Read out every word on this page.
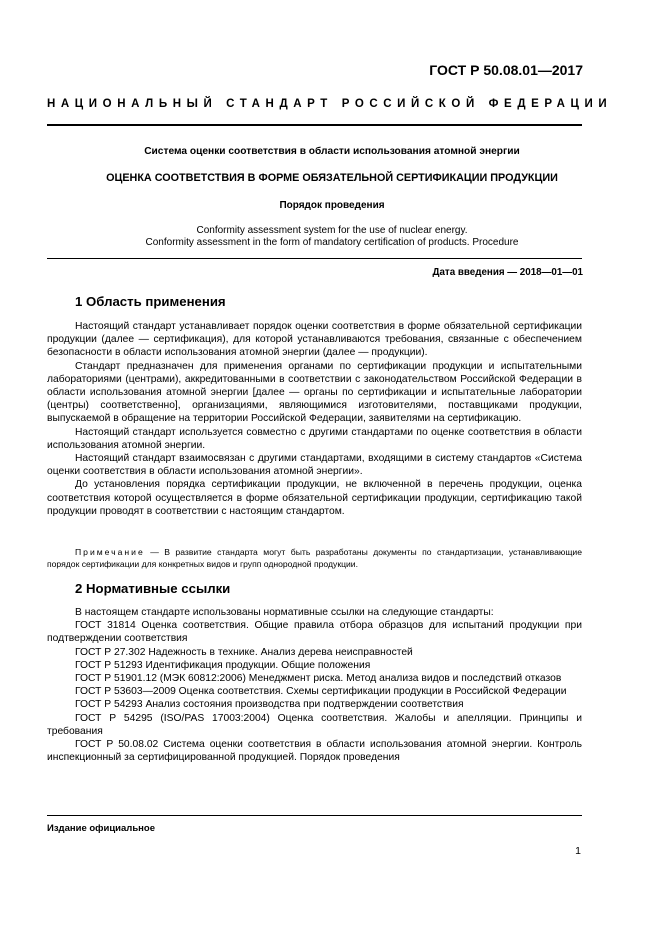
ГОСТ Р 50.08.01—2017
НАЦИОНАЛЬНЫЙ СТАНДАРТ РОССИЙСКОЙ ФЕДЕРАЦИИ
Система оценки соответствия в области использования атомной энергии
ОЦЕНКА СООТВЕТСТВИЯ В ФОРМЕ ОБЯЗАТЕЛЬНОЙ СЕРТИФИКАЦИИ ПРОДУКЦИИ
Порядок проведения
Conformity assessment system for the use of nuclear energy.
Conformity assessment in the form of mandatory certification of products. Procedure
Дата введения — 2018—01—01
1 Область применения

Настоящий стандарт устанавливает порядок оценки соответствия в форме обязательной сертификации продукции (далее — сертификация), для которой устанавливаются требования, связанные с обеспечением безопасности в области использования атомной энергии (далее — продукции).

Стандарт предназначен для применения органами по сертификации продукции и испытательными лабораториями (центрами), аккредитованными в соответствии с законодательством Российской Федерации в области использования атомной энергии [далее — органы по сертификации и испытательные лаборатории (центры) соответственно], организациями, являющимися изготовителями, поставщиками продукции, выпускаемой в обращение на территории Российской Федерации, заявителями на сертификацию.

Настоящий стандарт используется совместно с другими стандартами по оценке соответствия в области использования атомной энергии.

Настоящий стандарт взаимосвязан с другими стандартами, входящими в систему стандартов «Система оценки соответствия в области использования атомной энергии».

До установления порядка сертификации продукции, не включенной в перечень продукции, оценка соответствия которой осуществляется в форме обязательной сертификации продукции, сертификацию такой продукции проводят в соответствии с настоящим стандартом.

Примечание — В развитие стандарта могут быть разработаны документы по стандартизации, устанавливающие порядок сертификации для конкретных видов и групп однородной продукции.

2 Нормативные ссылки

В настоящем стандарте использованы нормативные ссылки на следующие стандарты:

ГОСТ 31814 Оценка соответствия. Общие правила отбора образцов для испытаний продукции при подтверждении соответствия

ГОСТ Р 27.302 Надежность в технике. Анализ дерева неисправностей

ГОСТ Р 51293 Идентификация продукции. Общие положения

ГОСТ Р 51901.12 (МЭК 60812:2006) Менеджмент риска. Метод анализа видов и последствий отказов

ГОСТ Р 53603—2009 Оценка соответствия. Схемы сертификации продукции в Российской Федерации

ГОСТ Р 54293 Анализ состояния производства при подтверждении соответствия

ГОСТ Р 54295 (ISO/PAS 17003:2004) Оценка соответствия. Жалобы и апелляции. Принципы и требования

ГОСТ Р 50.08.02 Система оценки соответствия в области использования атомной энергии. Контроль инспекционный за сертифицированной продукцией. Порядок проведения

Издание официальное
1
